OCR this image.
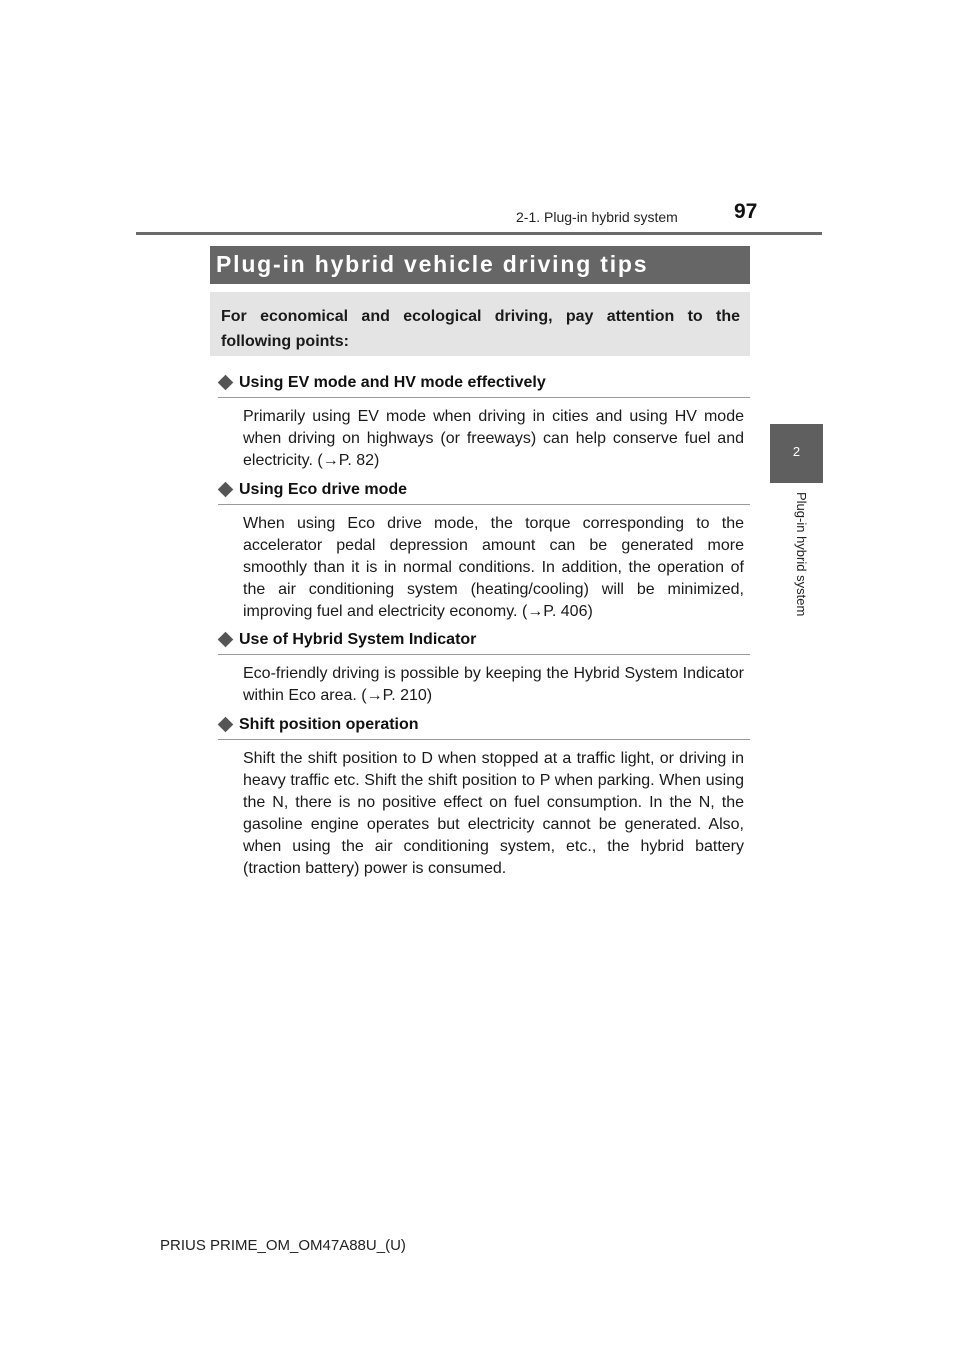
2-1. Plug-in hybrid system	97
2
Plug-in hybrid system
Plug-in hybrid vehicle driving tips
For economical and ecological driving, pay attention to the following points:
Using EV mode and HV mode effectively
Primarily using EV mode when driving in cities and using HV mode when driving on highways (or freeways) can help conserve fuel and electricity. (→P. 82)
Using Eco drive mode
When using Eco drive mode, the torque corresponding to the accelerator pedal depression amount can be generated more smoothly than it is in normal conditions. In addition, the operation of the air conditioning system (heating/cooling) will be minimized, improving fuel and electricity economy. (→P. 406)
Use of Hybrid System Indicator
Eco-friendly driving is possible by keeping the Hybrid System Indicator within Eco area. (→P. 210)
Shift position operation
Shift the shift position to D when stopped at a traffic light, or driving in heavy traffic etc. Shift the shift position to P when parking. When using the N, there is no positive effect on fuel consumption. In the N, the gasoline engine operates but electricity cannot be generated. Also, when using the air conditioning system, etc., the hybrid battery (traction battery) power is consumed.
PRIUS PRIME_OM_OM47A88U_(U)
